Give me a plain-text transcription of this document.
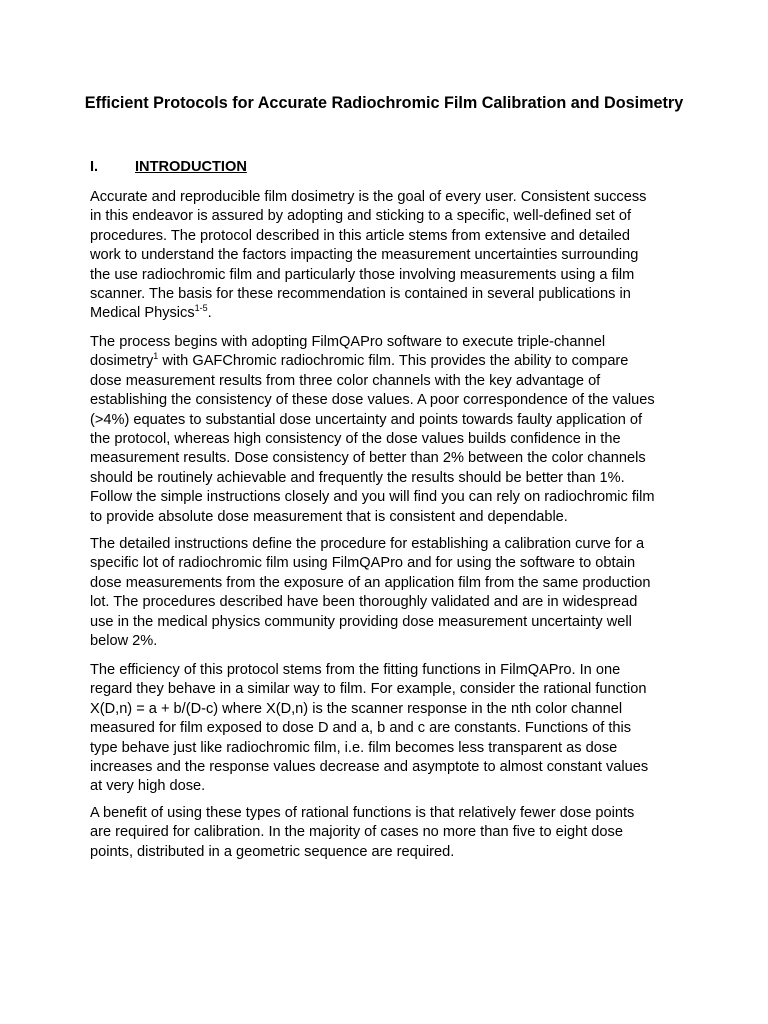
Efficient Protocols for Accurate Radiochromic Film Calibration and Dosimetry
I.	INTRODUCTION
Accurate and reproducible film dosimetry is the goal of every user. Consistent success
in this endeavor is assured by adopting and sticking to a specific, well-defined set of
procedures. The protocol described in this article stems from extensive and detailed
work to understand the factors impacting the measurement uncertainties surrounding
the use radiochromic film and particularly those involving measurements using a film
scanner. The basis for these recommendation is contained in several publications in
Medical Physics$^{1-5}$.
The process begins with adopting FilmQAPro software to execute triple-channel
dosimetry$^1$ with GAFChromic radiochromic film. This provides the ability to compare
dose measurement results from three color channels with the key advantage of
establishing the consistency of these dose values. A poor correspondence of the values
(>4%) equates to substantial dose uncertainty and points towards faulty application of
the protocol, whereas high consistency of the dose values builds confidence in the
measurement results. Dose consistency of better than 2% between the color channels
should be routinely achievable and frequently the results should be better than 1%.
Follow the simple instructions closely and you will find you can rely on radiochromic film
to provide absolute dose measurement that is consistent and dependable.
The detailed instructions define the procedure for establishing a calibration curve for a
specific lot of radiochromic film using FilmQAPro and for using the software to obtain
dose measurements from the exposure of an application film from the same production
lot. The procedures described have been thoroughly validated and are in widespread
use in the medical physics community providing dose measurement uncertainty well
below 2%.
The efficiency of this protocol stems from the fitting functions in FilmQAPro. In one
regard they behave in a similar way to film. For example, consider the rational function
X(D,n) = a + b/(D-c) where X(D,n) is the scanner response in the nth color channel
measured for film exposed to dose D and a, b and c are constants. Functions of this
type behave just like radiochromic film, i.e. film becomes less transparent as dose
increases and the response values decrease and asymptote to almost constant values
at very high dose.
A benefit of using these types of rational functions is that relatively fewer dose points
are required for calibration. In the majority of cases no more than five to eight dose
points, distributed in a geometric sequence are required.
